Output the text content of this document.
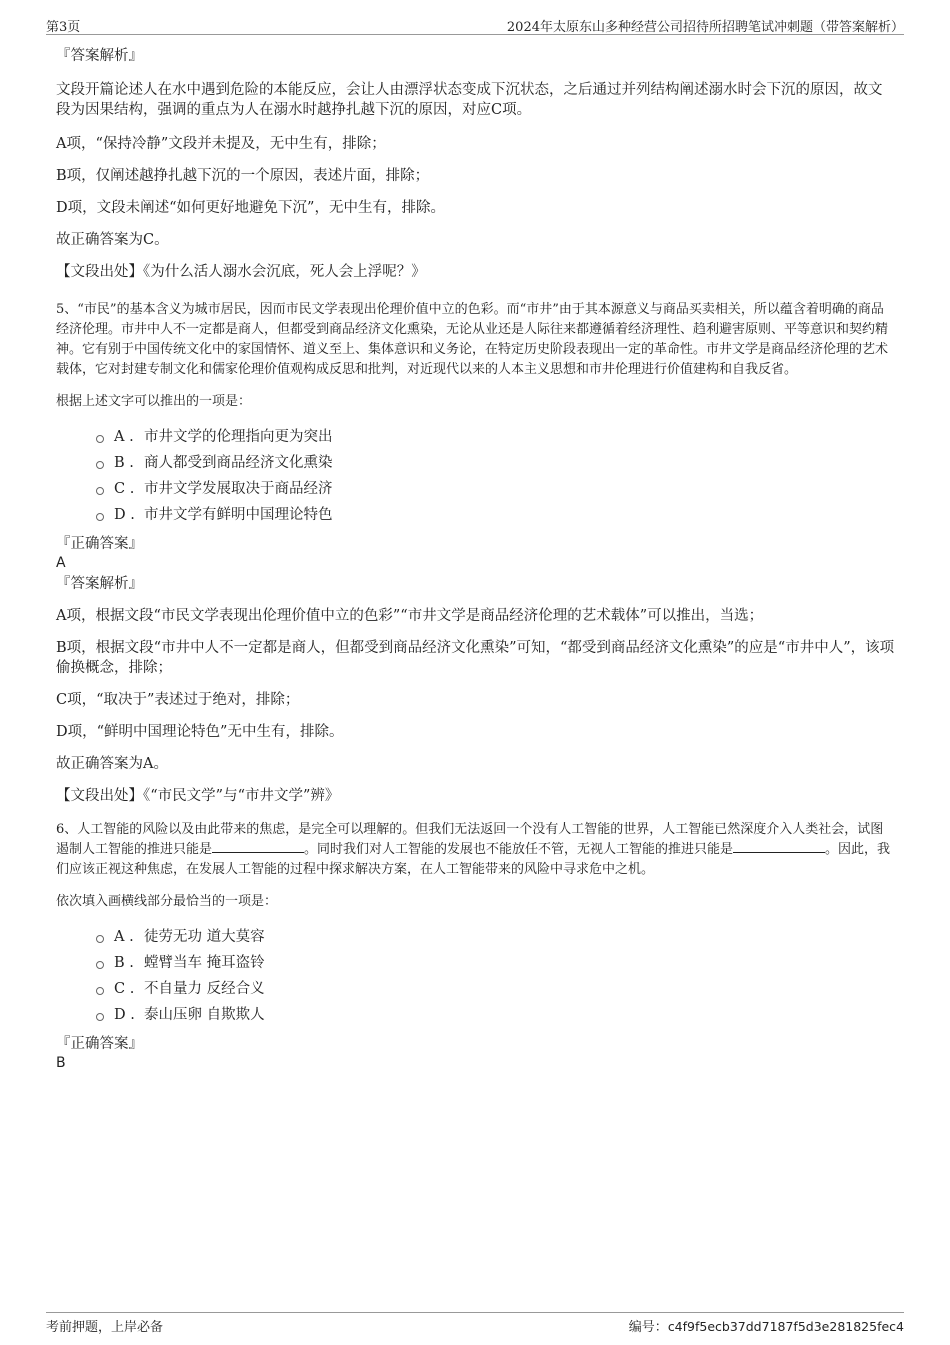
第3页	2024年太原东山多种经营公司招待所招聘笔试冲刺题（带答案解析）

『答案解析』

文段开篇论述人在水中遇到危险的本能反应，会让人由漂浮状态变成下沉状态，之后通过并列结构阐述溺水时会下沉的原因，故文段为因果结构，强调的重点为人在溺水时越挣扎越下沉的原因，对应C项。

A项，“保持冷静”文段并未提及，无中生有，排除；

B项，仅阐述越挣扎越下沉的一个原因，表述片面，排除；

D项，文段未阐述“如何更好地避免下沉”，无中生有，排除。

故正确答案为C。

【文段出处】《为什么活人溺水会沉底，死人会上浮呢？》

5、“市民”的基本含义为城市居民，因而市民文学表现出伦理价值中立的色彩。而“市井”由于其本源意义与商品买卖相关，所以蕴含着明确的商品经济伦理。市井中人不一定都是商人，但都受到商品经济文化熏染，无论从业还是人际往来都遵循着经济理性、趋利避害原则、平等意识和契约精神。它有别于中国传统文化中的家国情怀、道义至上、集体意识和义务论，在特定历史阶段表现出一定的革命性。市井文学是商品经济伦理的艺术载体，它对封建专制文化和儒家伦理价值观构成反思和批判，对近现代以来的人本主义思想和市井伦理进行价值建构和自我反省。

根据上述文字可以推出的一项是：

A . 市井文学的伦理指向更为突出
B . 商人都受到商品经济文化熏染
C . 市井文学发展取决于商品经济
D . 市井文学有鲜明中国理论特色

『正确答案』

A

『答案解析』

A项，根据文段“市民文学表现出伦理价值中立的色彩”“市井文学是商品经济伦理的艺术载体”可以推出，当选；

B项，根据文段“市井中人不一定都是商人，但都受到商品经济文化熏染”可知，“都受到商品经济文化熏染”的应是“市井中人”，该项偷换概念，排除；

C项，“取决于”表述过于绝对，排除；

D项，“鲜明中国理论特色”无中生有，排除。

故正确答案为A。

【文段出处】《“市民文学”与“市井文学”辨》

6、人工智能的风险以及由此带来的焦虑，是完全可以理解的。但我们无法返回一个没有人工智能的世界，人工智能已然深度介入人类社会，试图遏制人工智能的推进只能是	。同时我们对人工智能的发展也不能放任不管，无视人工智能的推进只能是	。因此，我们应该正视这种焦虑，在发展人工智能的过程中探求解决方案，在人工智能带来的风险中寻求危中之机。

依次填入画横线部分最恰当的一项是：

A . 徒劳无功 道大莫容
B . 螳臂当车 掩耳盗铃
C . 不自量力 反经合义
D . 泰山压卵 自欺欺人

『正确答案』

B

考前押题，上岸必备	编号：c4f9f5ecb37dd7187f5d3e281825fec4
